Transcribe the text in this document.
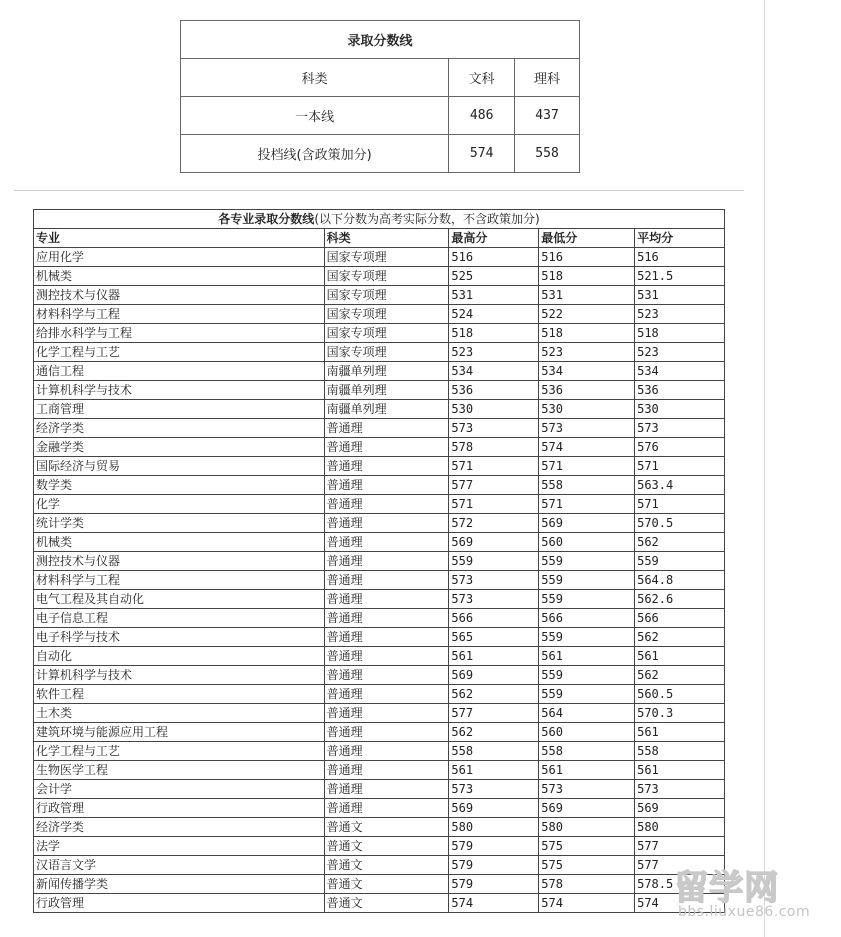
录取分数线		
科类	文科	理科
一本线	486	437
投档线(含政策加分)	574	558
各专业录取分数线(以下分数为高考实际分数，不含政策加分)				
专业	科类	最高分	最低分	平均分
应用化学	国家专项理	516	516	516
机械类	国家专项理	525	518	521.5
测控技术与仪器	国家专项理	531	531	531
材料科学与工程	国家专项理	524	522	523
给排水科学与工程	国家专项理	518	518	518
化学工程与工艺	国家专项理	523	523	523
通信工程	南疆单列理	534	534	534
计算机科学与技术	南疆单列理	536	536	536
工商管理	南疆单列理	530	530	530
经济学类	普通理	573	573	573
金融学类	普通理	578	574	576
国际经济与贸易	普通理	571	571	571
数学类	普通理	577	558	563.4
化学	普通理	571	571	571
统计学类	普通理	572	569	570.5
机械类	普通理	569	560	562
测控技术与仪器	普通理	559	559	559
材料科学与工程	普通理	573	559	564.8
电气工程及其自动化	普通理	573	559	562.6
电子信息工程	普通理	566	566	566
电子科学与技术	普通理	565	559	562
自动化	普通理	561	561	561
计算机科学与技术	普通理	569	559	562
软件工程	普通理	562	559	560.5
土木类	普通理	577	564	570.3
建筑环境与能源应用工程	普通理	562	560	561
化学工程与工艺	普通理	558	558	558
生物医学工程	普通理	561	561	561
会计学	普通理	573	573	573
行政管理	普通理	569	569	569
经济学类	普通文	580	580	580
法学	普通文	579	575	577
汉语言文学	普通文	579	575	577
新闻传播学类	普通文	579	578	578.5
行政管理	普通文	574	574	574 留学网
bbs.liuxue86.com
